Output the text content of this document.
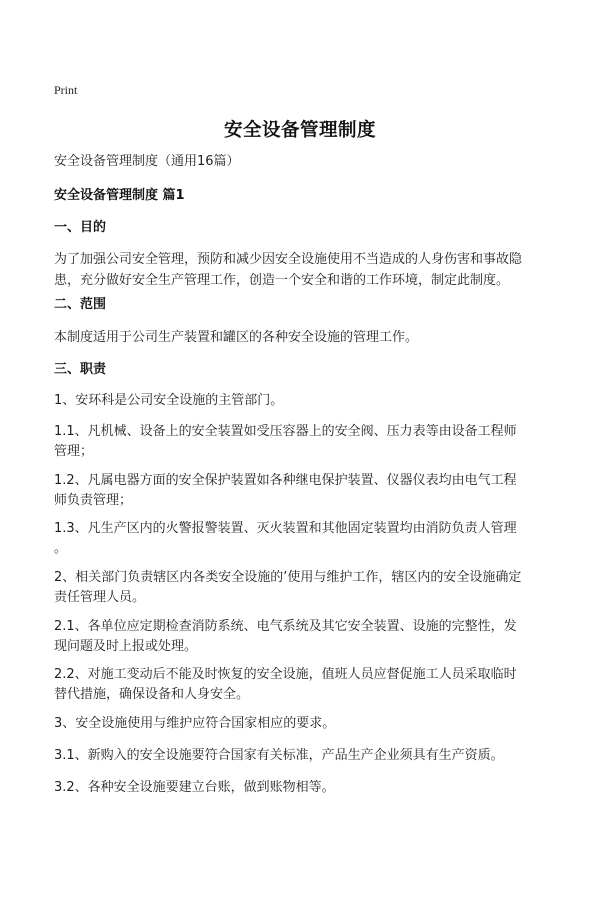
Print
安全设备管理制度
安全设备管理制度（通用16篇）
安全设备管理制度 篇1
一、目的
为了加强公司安全管理，预防和减少因安全设施使用不当造成的人身伤害和事故隐
患，充分做好安全生产管理工作，创造一个安全和谐的工作环境，制定此制度。
二、范围
本制度适用于公司生产装置和罐区的各种安全设施的管理工作。
三、职责
1、安环科是公司安全设施的主管部门。
1.1、凡机械、设备上的安全装置如受压容器上的安全阀、压力表等由设备工程师
管理；
1.2、凡属电器方面的安全保护装置如各种继电保护装置、仪器仪表均由电气工程
师负责管理；
1.3、凡生产区内的火警报警装置、灭火装置和其他固定装置均由消防负责人管理
。
2、相关部门负责辖区内各类安全设施的’使用与维护工作，辖区内的安全设施确定
责任管理人员。
2.1、各单位应定期检查消防系统、电气系统及其它安全装置、设施的完整性，发
现问题及时上报或处理。
2.2、对施工变动后不能及时恢复的安全设施，值班人员应督促施工人员采取临时
替代措施，确保设备和人身安全。
3、安全设施使用与维护应符合国家相应的要求。
3.1、新购入的安全设施要符合国家有关标准，产品生产企业须具有生产资质。
3.2、各种安全设施要建立台账，做到账物相等。
